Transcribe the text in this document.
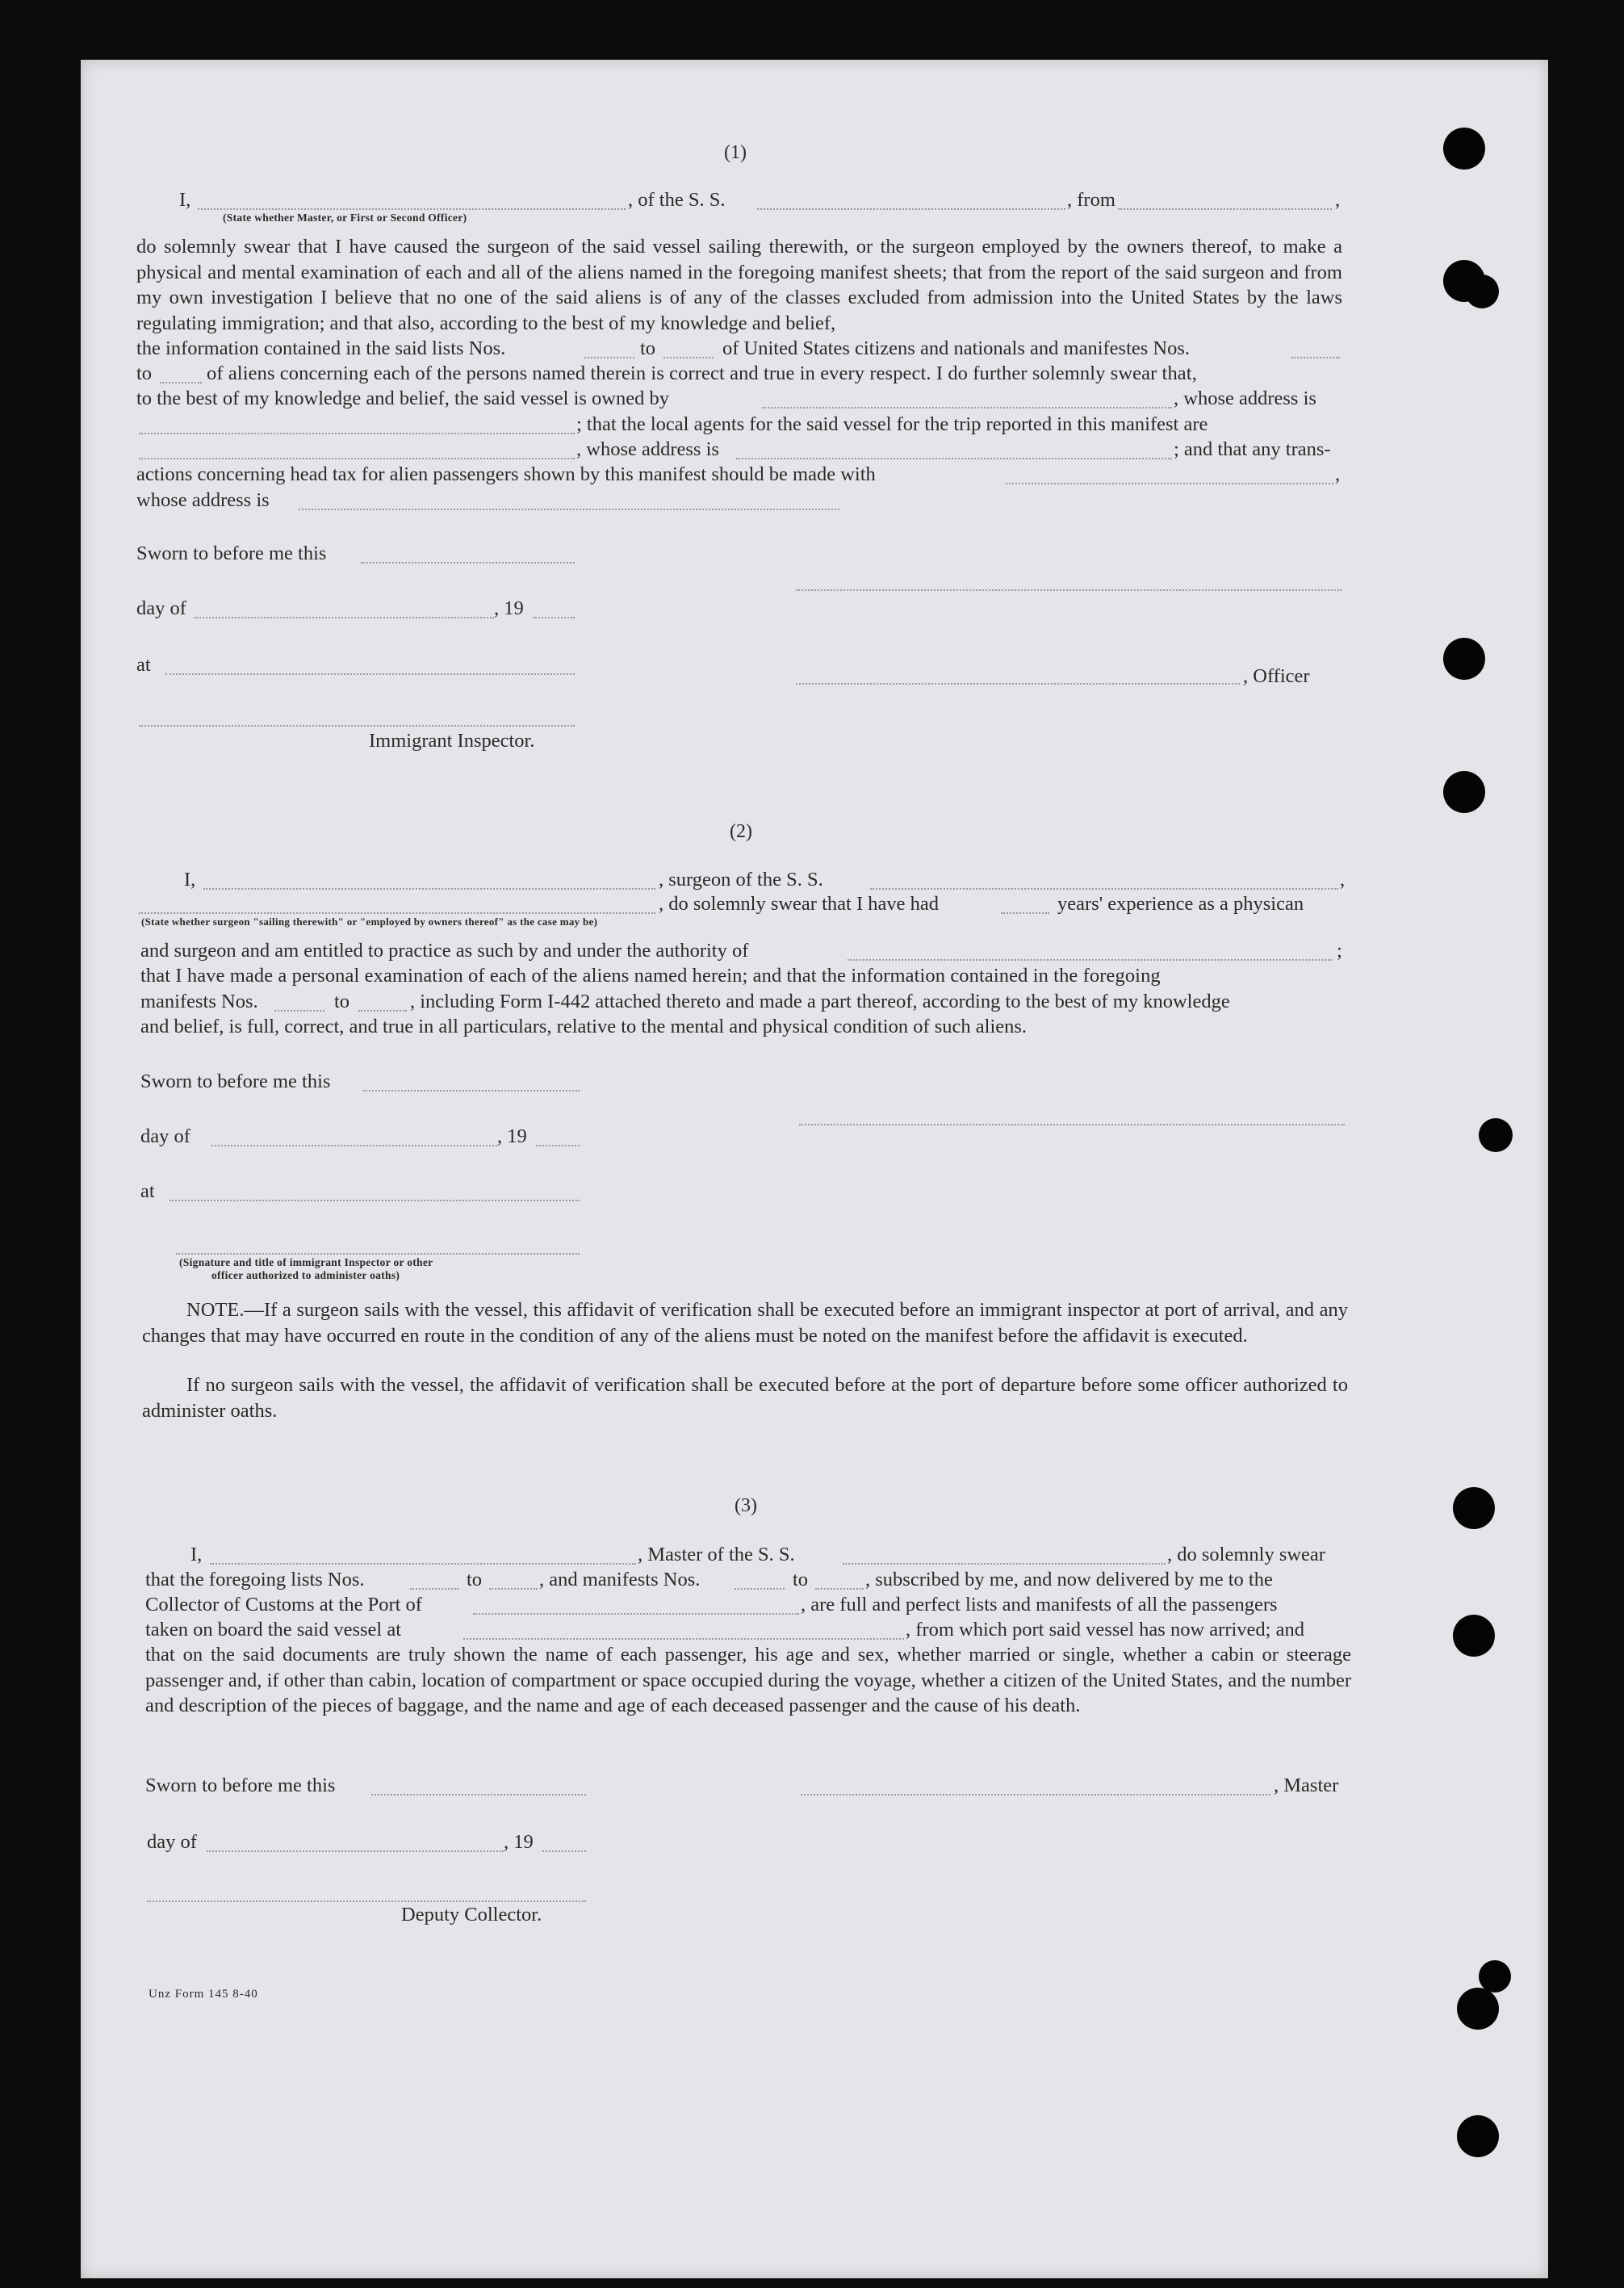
(1)
I,	, of the S. S.	, from	,
(State whether Master, or First or Second Officer)
do solemnly swear that I have caused the surgeon of the said vessel sailing therewith, or the surgeon employed by the owners thereof, to make a physical and mental examination of each and all of the aliens named in the foregoing manifest sheets; that from the report of the said surgeon and from my own investigation I believe that no one of the said aliens is of any of the classes excluded from admission into the United States by the laws regulating immigration; and that also, according to the best of my knowledge and belief,
the information contained in the said lists Nos.	to	of United States citizens and nationals and manifestes Nos.
to	of aliens concerning each of the persons named therein is correct and true in every respect. I do further solemnly swear that,
to the best of my knowledge and belief, the said vessel is owned by	, whose address is
; that the local agents for the said vessel for the trip reported in this manifest are
, whose address is	; and that any trans-
actions concerning head tax for alien passengers shown by this manifest should be made with	,
whose address is
Sworn to before me this
day of	, 19
at
, Officer
Immigrant Inspector.
(2)
I,	, surgeon of the S. S.	,
, do solemnly swear that I have had	years' experience as a physican
(State whether surgeon "sailing therewith" or "employed by owners thereof" as the case may be)
and surgeon and am entitled to practice as such by and under the authority of	;
that I have made a personal examination of each of the aliens named herein; and that the information contained in the foregoing
manifests Nos.	to	, including Form I-442 attached thereto and made a part thereof, according to the best of my knowledge
and belief, is full, correct, and true in all particulars, relative to the mental and physical condition of such aliens.
Sworn to before me this
day of	, 19
at
(Signature and title of immigrant Inspector or other
officer authorized to administer oaths)
NOTE.—If a surgeon sails with the vessel, this affidavit of verification shall be executed before an immigrant inspector at port of arrival, and any changes that may have occurred en route in the condition of any of the aliens must be noted on the manifest before the affidavit is executed.
If no surgeon sails with the vessel, the affidavit of verification shall be executed before at the port of departure before some officer authorized to administer oaths.
(3)
I,	, Master of the S. S.	, do solemnly swear
that the foregoing lists Nos.	to	, and manifests Nos.	to	, subscribed by me, and now delivered by me to the
Collector of Customs at the Port of	, are full and perfect lists and manifests of all the passengers
taken on board the said vessel at	, from which port said vessel has now arrived; and
that on the said documents are truly shown the name of each passenger, his age and sex, whether married or single, whether a cabin or steerage passenger and, if other than cabin, location of compartment or space occupied during the voyage, whether a citizen of the United States, and the number and description of the pieces of baggage, and the name and age of each deceased passenger and the cause of his death.
Sworn to before me this	, Master
day of	, 19
Deputy Collector.
Unz Form 145 8-40
